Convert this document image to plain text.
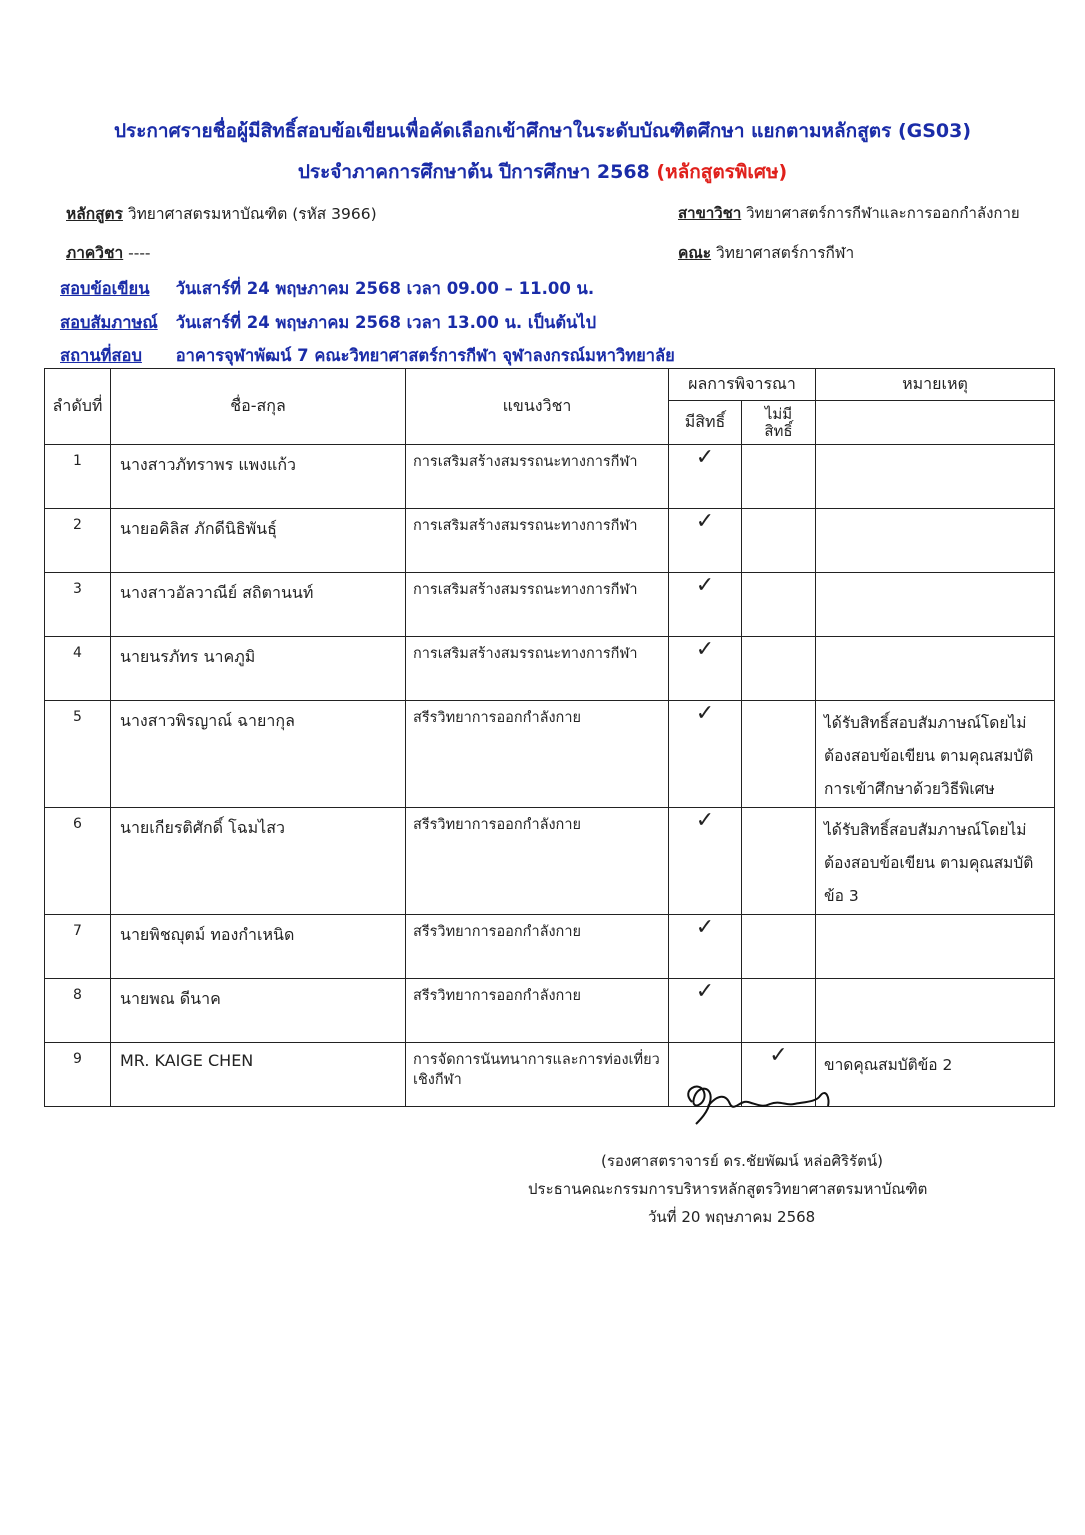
ประกาศรายชื่อผู้มีสิทธิ์สอบข้อเขียนเพื่อคัดเลือกเข้าศึกษาในระดับบัณฑิตศึกษา แยกตามหลักสูตร (GS03)
ประจำภาคการศึกษาต้น ปีการศึกษา 2568 (หลักสูตรพิเศษ)
หลักสูตร วิทยาศาสตรมหาบัณฑิต (รหัส 3966)	สาขาวิชา วิทยาศาสตร์การกีฬาและการออกกำลังกาย
ภาควิชา ----	คณะ วิทยาศาสตร์การกีฬา
สอบข้อเขียน วันเสาร์ที่ 24 พฤษภาคม 2568 เวลา 09.00 – 11.00 น.
สอบสัมภาษณ์ วันเสาร์ที่ 24 พฤษภาคม 2568 เวลา 13.00 น. เป็นต้นไป
สถานที่สอบ อาคารจุฬาพัฒน์ 7 คณะวิทยาศาสตร์การกีฬา จุฬาลงกรณ์มหาวิทยาลัย
ลำดับที่	ชื่อ-สกุล	แขนงวิชา	ผลการพิจารณา		หมายเหตุ
			มีสิทธิ์	ไม่มี
สิทธิ์	

1	นางสาวภัทราพร แพงแก้ว	การเสริมสร้างสมรรถนะทางการกีฬา	✓		
2	นายอคิลิส ภักดีนิธิพันธุ์	การเสริมสร้างสมรรถนะทางการกีฬา	✓		
3	นางสาวอัลวาณีย์ สถิตานนท์	การเสริมสร้างสมรรถนะทางการกีฬา	✓		
4	นายนรภัทร นาคภูมิ	การเสริมสร้างสมรรถนะทางการกีฬา	✓		
5	นางสาวพิรญาณ์ ฉายากุล	สรีรวิทยาการออกกำลังกาย	✓		ได้รับสิทธิ์สอบสัมภาษณ์โดยไม่ต้องสอบข้อเขียน ตามคุณสมบัติการเข้าศึกษาด้วยวิธีพิเศษ
6	นายเกียรติศักดิ์ โฉมไสว	สรีรวิทยาการออกกำลังกาย	✓		ได้รับสิทธิ์สอบสัมภาษณ์โดยไม่ต้องสอบข้อเขียน ตามคุณสมบัติข้อ 3
7	นายพิชญุตม์ ทองกำเหนิด	สรีรวิทยาการออกกำลังกาย	✓		
8	นายพณ ดีนาค	สรีรวิทยาการออกกำลังกาย	✓		
9	MR. KAIGE CHEN	การจัดการนันทนาการและการท่องเที่ยวเชิงกีฬา		✓	ขาดคุณสมบัติข้อ 2
(รองศาสตราจารย์ ดร.ชัยพัฒน์ หล่อศิริรัตน์)
ประธานคณะกรรมการบริหารหลักสูตรวิทยาศาสตรมหาบัณฑิต
วันที่ 20 พฤษภาคม 2568
